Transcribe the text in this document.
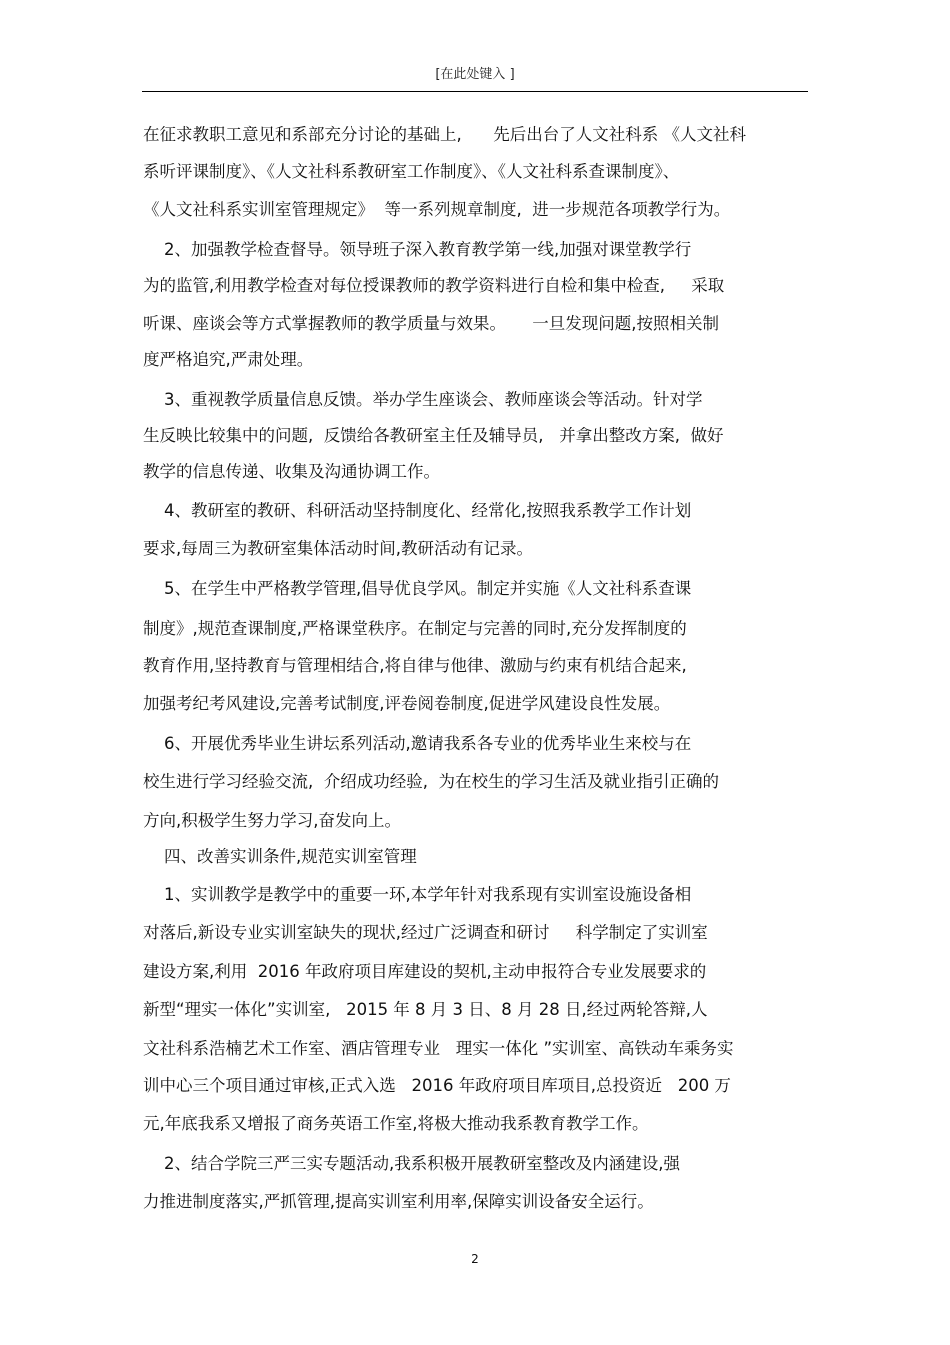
[在此处键入 ]
在征求教职工意见和系部充分讨论的基础上,      先后出台了人文社科系 《人文社科
系听评课制度》、《人文社科系教研室工作制度》、《人文社科系查课制度》、
《人文社科系实训室管理规定》  等一系列规章制度,  进一步规范各项教学行为。
2、加强教学检查督导。领导班子深入教育教学第一线,加强对课堂教学行
为的监管,利用教学检查对每位授课教师的教学资料进行自检和集中检查,     采取
听课、座谈会等方式掌握教师的教学质量与效果。     一旦发现问题,按照相关制
度严格追究,严肃处理。
3、重视教学质量信息反馈。举办学生座谈会、教师座谈会等活动。针对学
生反映比较集中的问题,  反馈给各教研室主任及辅导员,   并拿出整改方案,  做好
教学的信息传递、收集及沟通协调工作。
4、教研室的教研、科研活动坚持制度化、经常化,按照我系教学工作计划
要求,每周三为教研室集体活动时间,教研活动有记录。
5、在学生中严格教学管理,倡导优良学风。制定并实施《人文社科系查课
制度》,规范查课制度,严格课堂秩序。在制定与完善的同时,充分发挥制度的
教育作用,坚持教育与管理相结合,将自律与他律、激励与约束有机结合起来,
加强考纪考风建设,完善考试制度,评卷阅卷制度,促进学风建设良性发展。
6、开展优秀毕业生讲坛系列活动,邀请我系各专业的优秀毕业生来校与在
校生进行学习经验交流,  介绍成功经验,  为在校生的学习生活及就业指引正确的
方向,积极学生努力学习,奋发向上。
四、改善实训条件,规范实训室管理
1、实训教学是教学中的重要一环,本学年针对我系现有实训室设施设备相
对落后,新设专业实训室缺失的现状,经过广泛调查和研讨     科学制定了实训室
建设方案,利用  2016 年政府项目库建设的契机,主动申报符合专业发展要求的
新型“理实一体化”实训室,   2015 年 8 月 3 日、8 月 28 日,经过两轮答辩,人
文社科系浩楠艺术工作室、酒店管理专业   理实一体化 ”实训室、高铁动车乘务实
训中心三个项目通过审核,正式入选   2016 年政府项目库项目,总投资近   200 万
元,年底我系又增报了商务英语工作室,将极大推动我系教育教学工作。
2、结合学院三严三实专题活动,我系积极开展教研室整改及内涵建设,强
力推进制度落实,严抓管理,提高实训室利用率,保障实训设备安全运行。
2
